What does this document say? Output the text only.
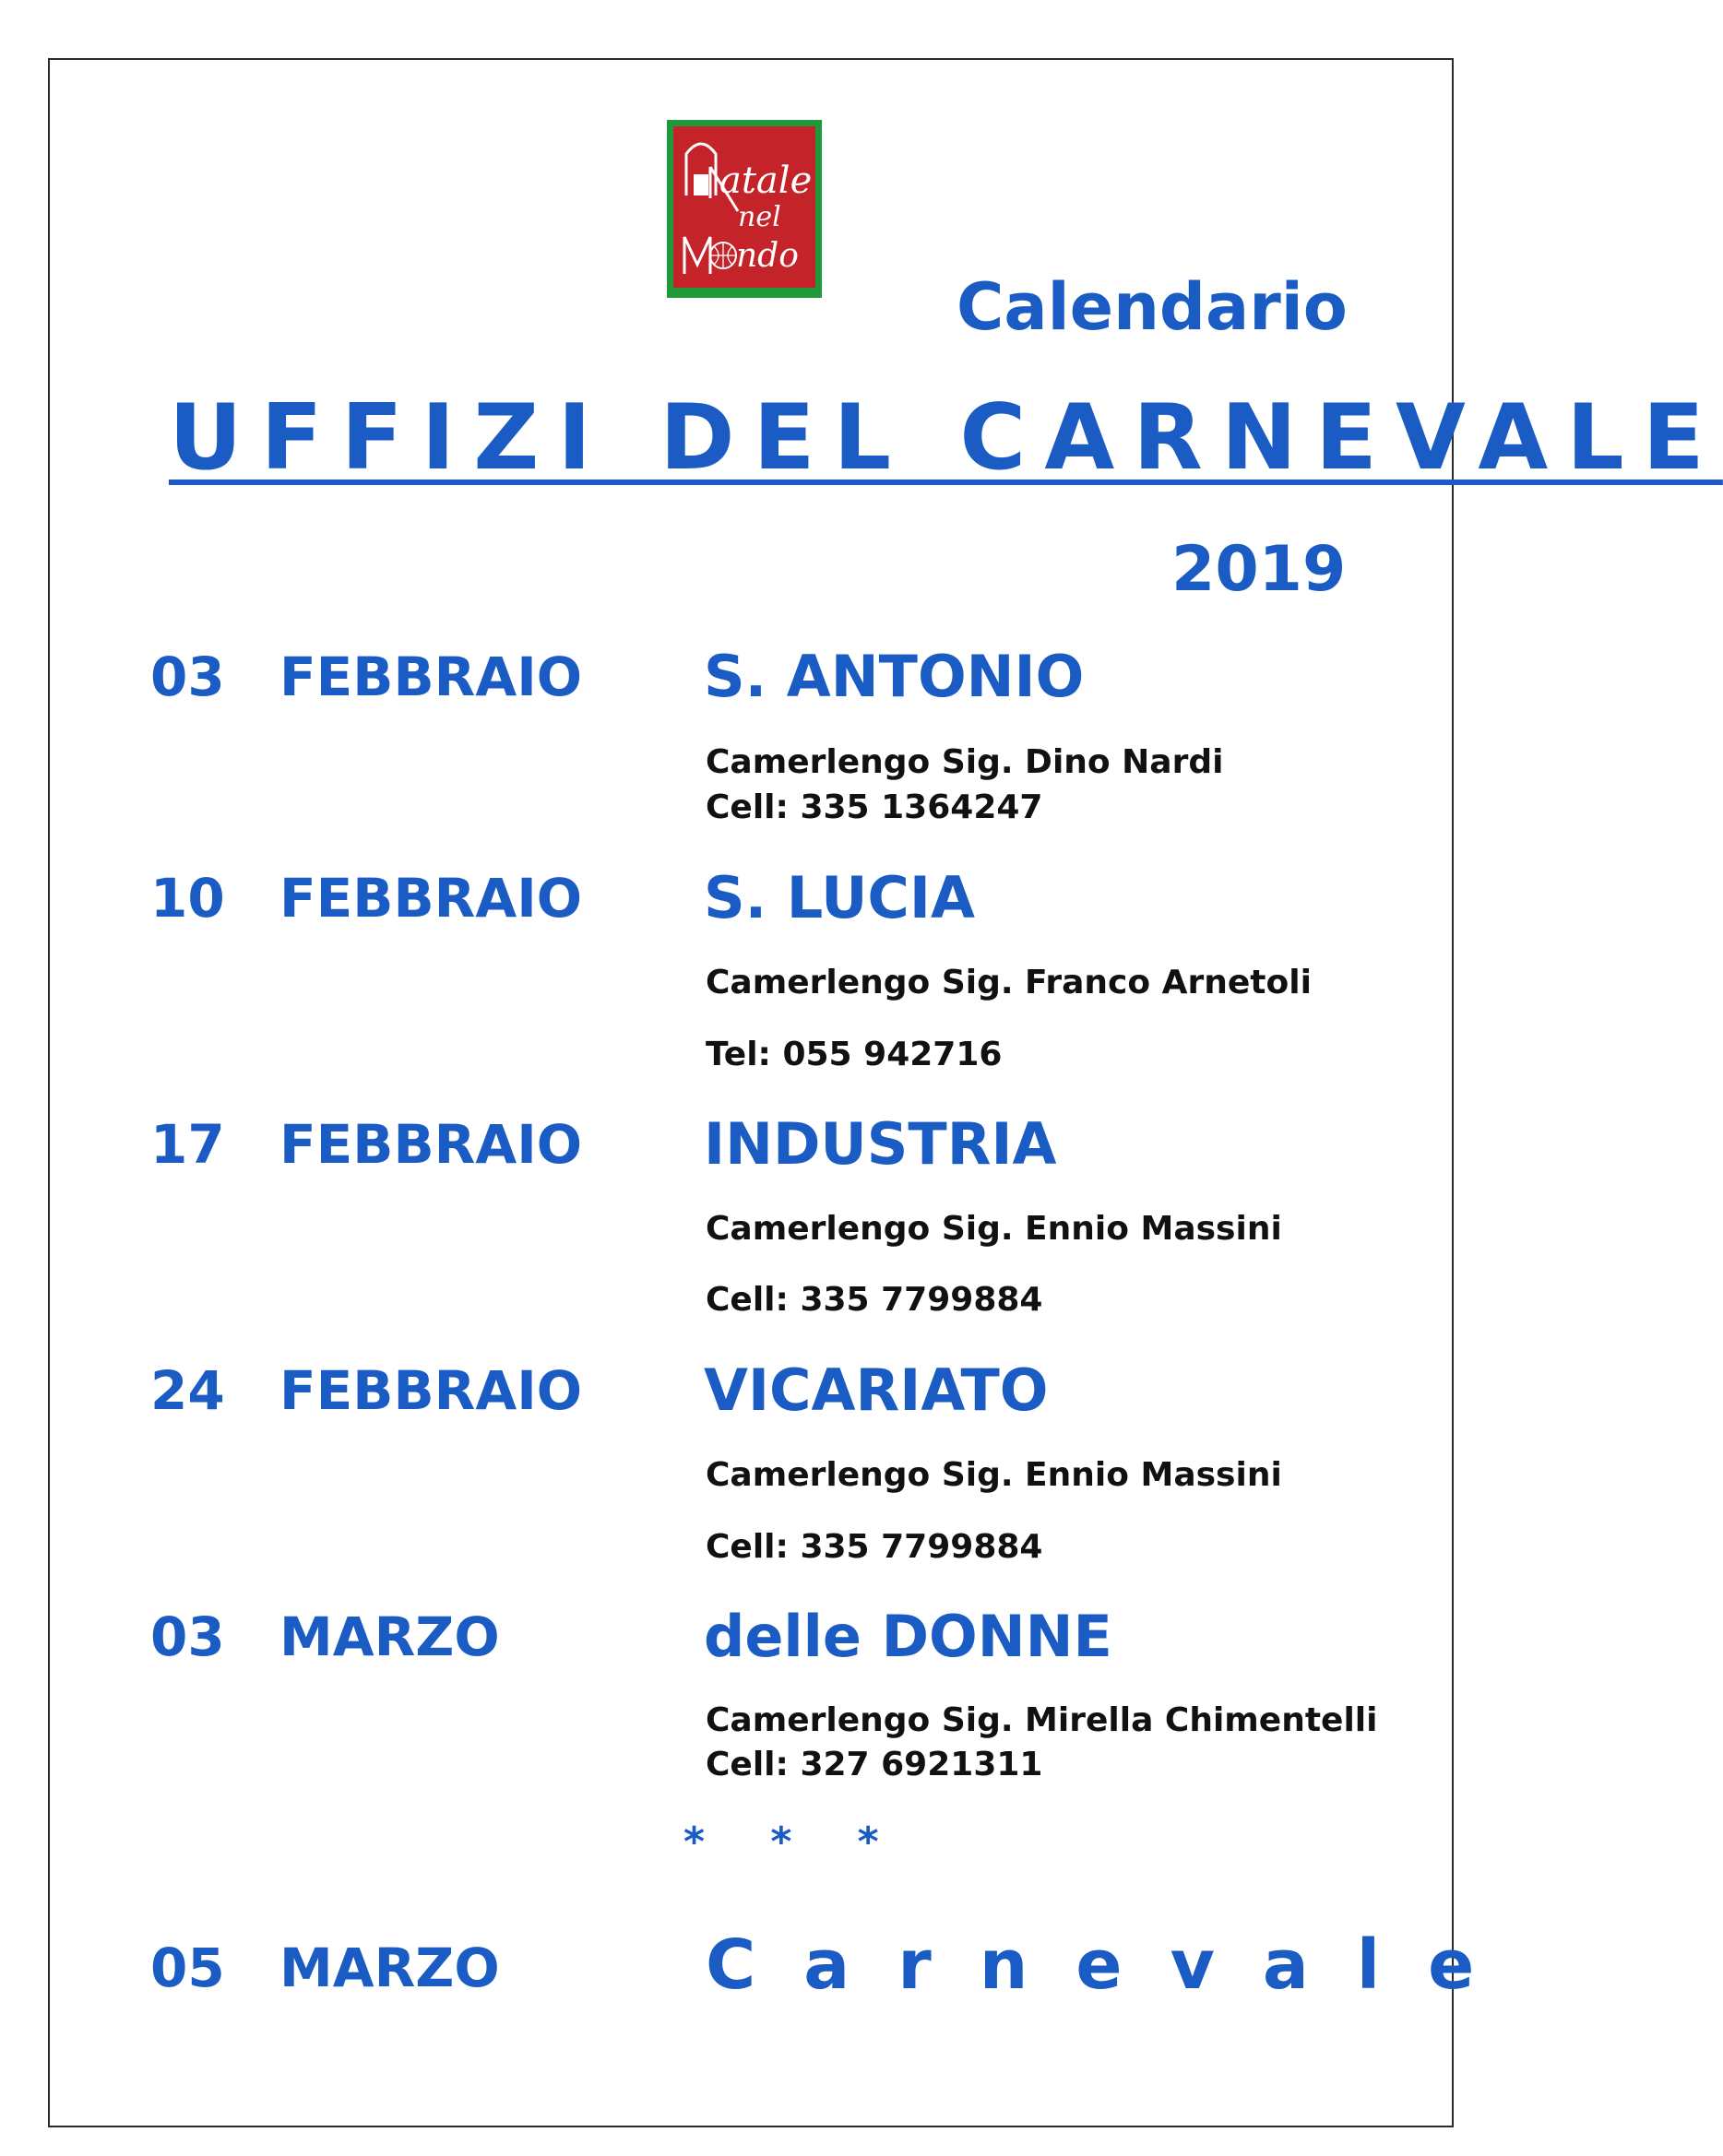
atale
nel
ndo
Calendario
UFFIZI DEL CARNEVALE
2019
03 FEBBRAIO S. ANTONIO
Camerlengo Sig. Dino Nardi
Cell: 335 1364247
10 FEBBRAIO S. LUCIA
Camerlengo Sig. Franco Arnetoli
Tel: 055 942716
17 FEBBRAIO INDUSTRIA
Camerlengo Sig. Ennio Massini
Cell: 335 7799884
24 FEBBRAIO VICARIATO
Camerlengo Sig. Ennio Massini
Cell: 335 7799884
03 MARZO	delle DONNE
Camerlengo Sig. Mirella Chimentelli
Cell: 327 6921311
* * *
05 MARZO	Carnevale
